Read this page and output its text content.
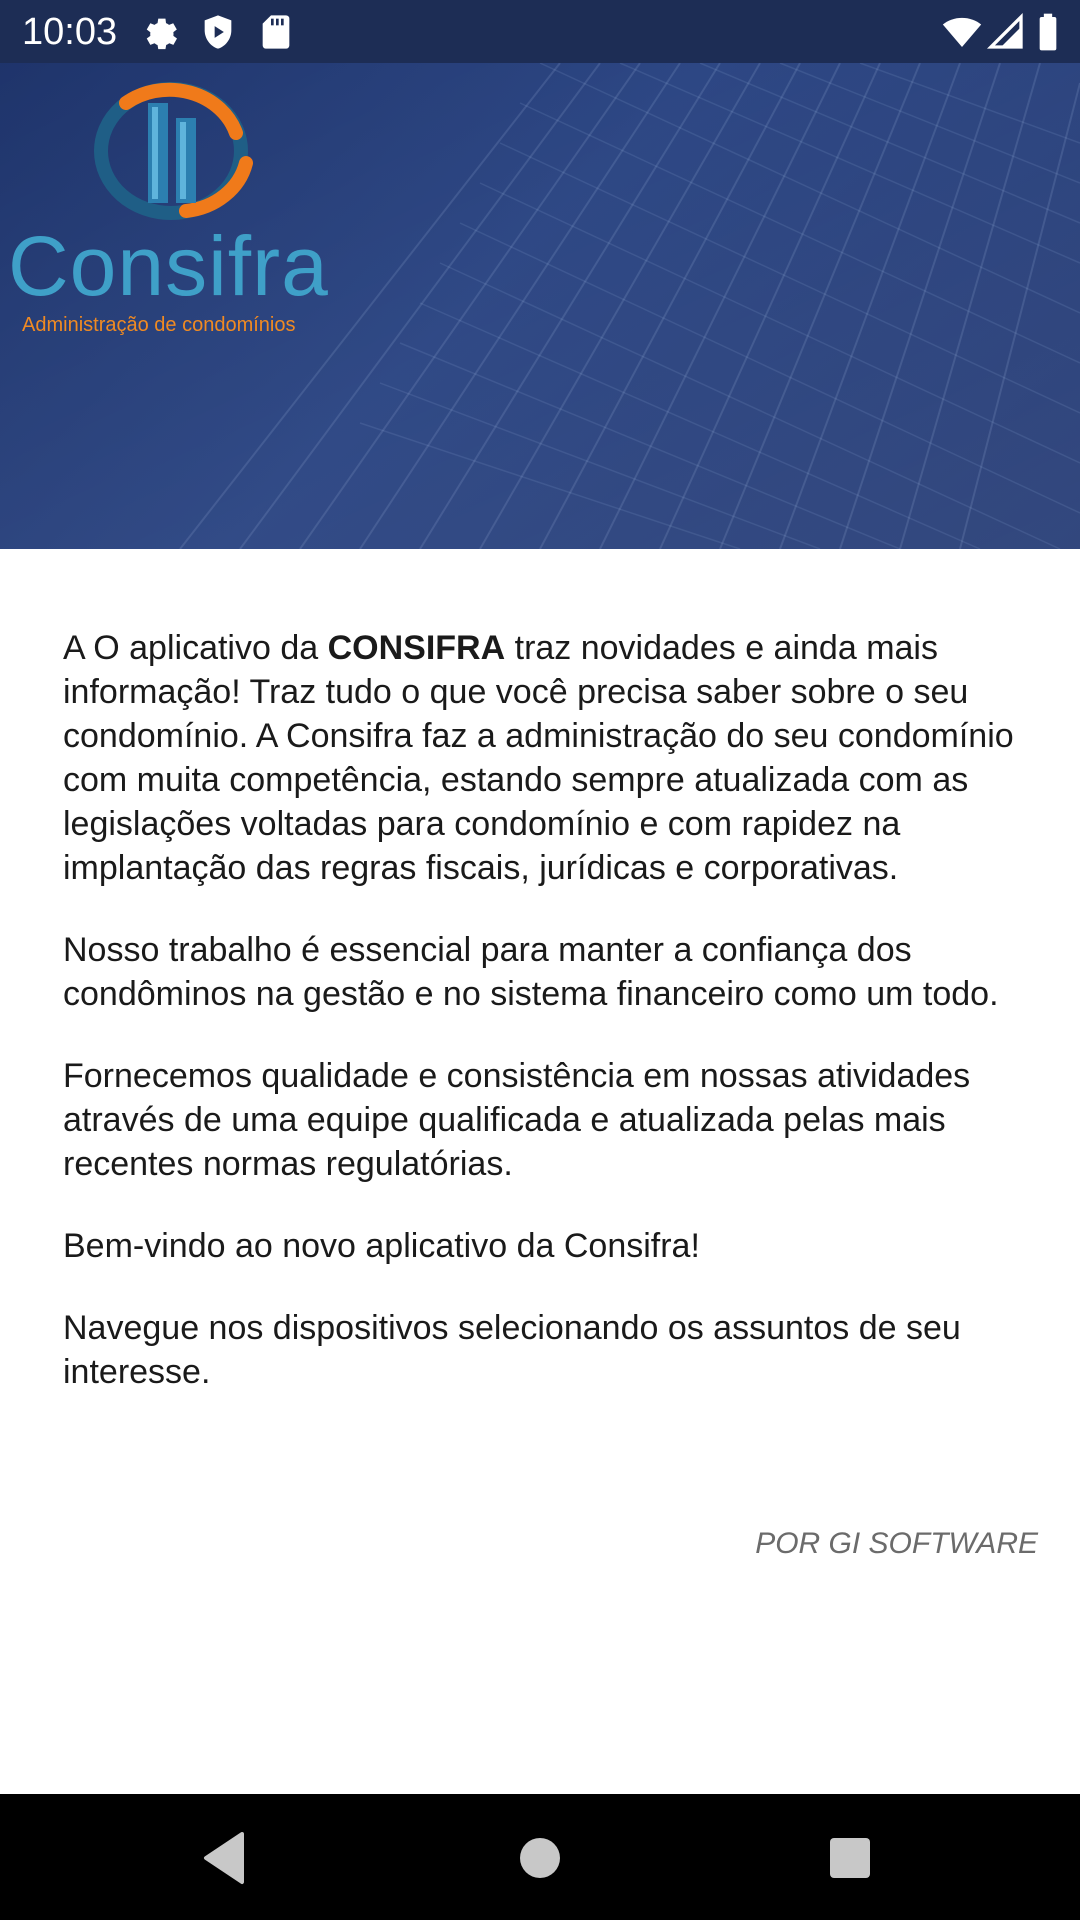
10:03
Consifra
Administração de condomínios

A O aplicativo da CONSIFRA traz novidades e ainda mais informação! Traz tudo o que você precisa saber sobre o seu condomínio. A Consifra faz a administração do seu condomínio com muita competência, estando sempre atualizada com as legislações voltadas para condomínio e com rapidez na implantação das regras fiscais, jurídicas e corporativas.

Nosso trabalho é essencial para manter a confiança dos condôminos na gestão e no sistema financeiro como um todo.

Fornecemos qualidade e consistência em nossas atividades através de uma equipe qualificada e atualizada pelas mais recentes normas regulatórias.

Bem-vindo ao novo aplicativo da Consifra!

Navegue nos dispositivos selecionando os assuntos de seu interesse.

POR GI SOFTWARE
